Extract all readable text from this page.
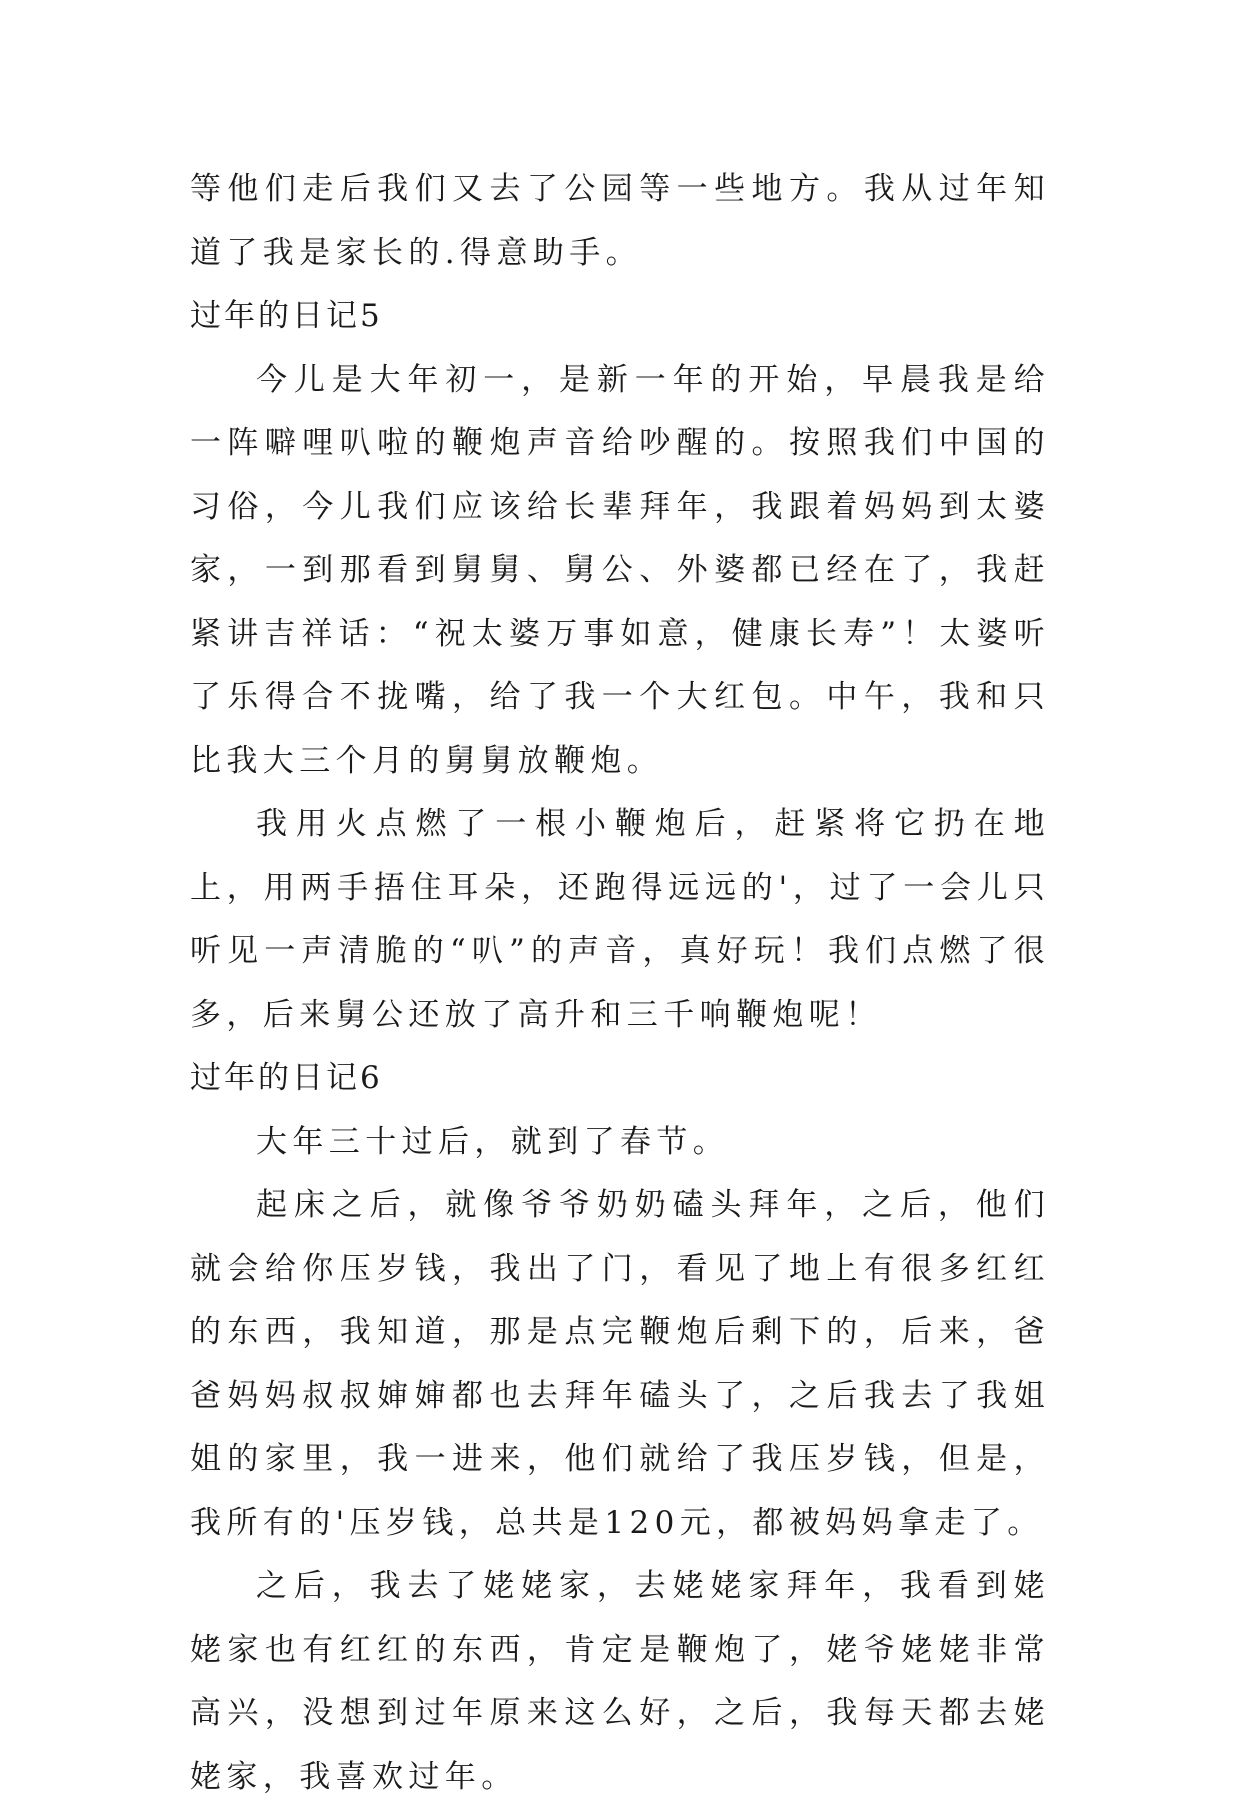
等他们走后我们又去了公园等一些地方。我从过年知道了我是家长的.得意助手。

过年的日记5

今儿是大年初一，是新一年的开始，早晨我是给一阵噼哩叭啦的鞭炮声音给吵醒的。按照我们中国的习俗，今儿我们应该给长辈拜年，我跟着妈妈到太婆家，一到那看到舅舅、舅公、外婆都已经在了，我赶紧讲吉祥话：“祝太婆万事如意，健康长寿”！太婆听了乐得合不拢嘴，给了我一个大红包。中午，我和只比我大三个月的舅舅放鞭炮。

我用火点燃了一根小鞭炮后，赶紧将它扔在地上，用两手捂住耳朵，还跑得远远的'，过了一会儿只听见一声清脆的“叭”的声音，真好玩！我们点燃了很多，后来舅公还放了高升和三千响鞭炮呢！

过年的日记6

大年三十过后，就到了春节。

起床之后，就像爷爷奶奶磕头拜年，之后，他们就会给你压岁钱，我出了门，看见了地上有很多红红的东西，我知道，那是点完鞭炮后剩下的，后来，爸爸妈妈叔叔婶婶都也去拜年磕头了，之后我去了我姐姐的家里，我一进来，他们就给了我压岁钱，但是，我所有的'压岁钱，总共是120元，都被妈妈拿走了。

之后，我去了姥姥家，去姥姥家拜年，我看到姥姥家也有红红的东西，肯定是鞭炮了，姥爷姥姥非常高兴，没想到过年原来这么好，之后，我每天都去姥姥家，我喜欢过年。
